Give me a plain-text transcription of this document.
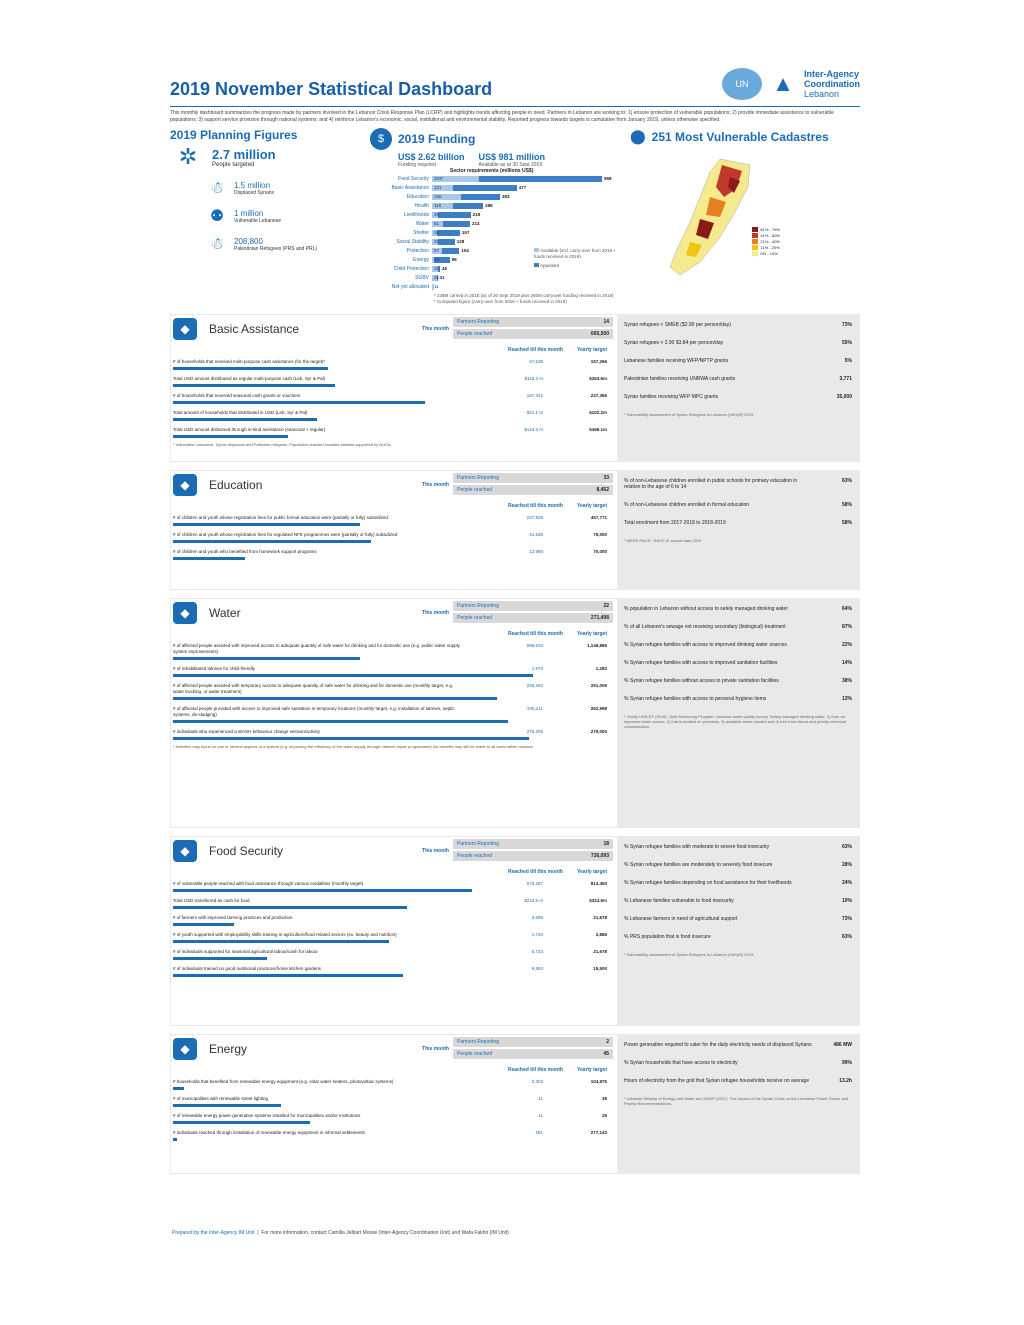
2019 November Statistical Dashboard	UN	▲ Inter-Agency
Coordination
Lebanon
This monthly dashboard summarizes the progress made by partners involved in the Lebanon Crisis Response Plan (LCRP) and highlights trends affecting people in need. Partners in Lebanon are working to: 1) ensure protection of vulnerable populations; 2) provide immediate assistance to vulnerable populations; 3) support service provision through national systems; and 4) reinforce Lebanon's economic, social, institutional and environmental stability. Reported progress towards targets is cumulative from January 2019, unless otherwise specified.
2019 Planning Figures
✲	2.7 million
People targeted
☃	1.5 million
Displaced Syrians
⚉	1 million
Vulnerable Lebanese
☃	208,800
Palestinian Refugees (PRS and PRL)
$	2019 Funding
US$ 2.62 billion
Funding required
US$ 981 million
Available as at 30 Sept 2019
Sector requirements (millions US$)
Food Security	263*	958
Basic Assistance	121	477
Education	166	383
Health	116	288
Livelihoods	35	218
Water	61	214
Shelter	28	157
Social Stability	31	128
Protection	57	154
Energy	13	99
Child Protection	31 45
SGBV	26 31
Not yet allocated	11
Available (incl. carry-over from 2018 + funds received in 2019)
Appealed
* 238M carried in 2018 (as of 30 Sept 2019 plus 260M carryover funding received in 2018)
* Computed figure (carry-over from 2018 + funds received in 2019)
⬤ 251 Most Vulnerable Cadastres
61% - 75%
41% - 60%
21% - 40%
11% - 20%
0% - 10%
◆	Basic Assistance	This month
Partners Reporting	14
People reached	665,500
Reached till this month	Yearly target
# of households that received multi-purpose cash assistance (for the target)*	67,538	157,266
Total USD amount distributed as regular multi-purpose cash (Leb, Syr & Pal)	$118.3 m	$263.6m
# of households that received seasonal cash grants or vouchers	167,342	237,366
Total amount of households that distributed in USD (Leb, Syr & Pal)	$41.1 m	$102.2m
Total USD amount disbursed through in-kind assistance (seasonal + regular)	$143.3 m	$456.1m
* Vulnerable Lebanese, Syrian displaced and Palestine refugees. Population reached includes families supported by NGOs.
Syrian refugees < SMEB ($2.90 per person/day)	73%
Syrian refugees < 2.90 $3.84 per person/day	55%
Lebanese families receiving WFP/NPTP grants	5%
Palestinian families receiving UNRWA cash grants	3,771
Syrian families receiving WFP MPC grants	35,000
* Vulnerability assessment of Syrian Refugees in Lebanon (VASyR) 2019.
◆	Education	This month
Partners Reporting	33
People reached	8,452
Reached till this month	Yearly target
# of children and youth whose registration fees for public formal education were (partially or fully) subsidized	237,925	457,771
# of children and youth whose registration fees for regulated NFE programmes were (partially or fully) subsidized	41,538	75,000
# of children and youth who benefited from homework support programs	13,980	70,000
% of non-Lebanese children enrolled in public schools for primary education in relation to the age of 6 to 14
63%
% of non-Lebanese children enrolled in formal education	58%
Total enrolment from 2017-2018 to 2018-2019	58%
* MEHE RACE / RACE III annual data 2019
◆	Water	This month
Partners Reporting	22
People reached	271,498
Reached till this month	Yearly target
# of affected people assisted with improved access to adequate quantity of safe water for drinking and for domestic use (e.g. public water supply system improvements)
595,633	1,146,886
# of rehabilitated latrines for child-friendly	1,973	1,283
# of affected people assisted with temporary access to adequate quantity of safe water for drinking and for domestic use (monthly target, e.g. water trucking, or water treatment)
226,262	251,005
# of affected people provided with access to improved safe sanitation in temporary locations (monthly target, e.g. installation of latrines, septic systems, de-sludging)
245,211	262,998
# individuals who experienced a WASH behaviour change session/activity	275,205	279,000
* Activities may focus on one or several aspects of a system (e.g. improving the efficiency of the water supply through network repair programmes) but benefits may still be made to all users within network.
% population in Lebanon without access to safely managed drinking water	64%
% of all Lebanon's sewage not receiving secondary (biological) treatment	87%
% Syrian refugee families with access to improved drinking water sources	22%
% Syrian refugee families with access to improved sanitation facilities	14%
% Syrian refugee families without access to private sanitation facilities	38%
% Syrian refugee families with access to personal hygiene items	13%
* Jointly UNICEF (2016), Joint Monitoring Program. Lebanon water quality survey. Safely managed drinking water. 1) from an improved water source, 2) that is located on premises, 3) available when needed and 4) free from faecal and priority chemical contamination.
◆	Food Security	This month
Partners Reporting	18
People reached	726,093
Reached till this month	Yearly target
# of vulnerable people reached with food assistance through various modalities (monthly target)	673,287	813,450
Total USD transferred as cash for food	$212.6 m	$324.9m
# of farmers with improved farming practices and production	3,688	21,678
# of youth supported with employability skills training in agriculture/food-related sectors (ex. beauty and nutrition)	1,734	2,886
# of individuals supported for seasonal agricultural labour/cash for labour	5,723	21,678
# of individuals trained on good nutritional practices/home kitchen gardens	9,863	15,500
% Syrian refugee families with moderate to severe food insecurity	63%
% Syrian refugee families are moderately to severely food insecure	28%
% Syrian refugee families depending on food assistance for their livelihoods	24%
% Lebanese families vulnerable to food insecurity	10%
% Lebanese farmers in need of agricultural support	73%
% PRS population that is food insecure	63%
* Vulnerability assessment of Syrian Refugees in Lebanon (VASyR) 2019.
◆	Energy	This month
Partners Reporting	2
People reached	45
Reached till this month	Yearly target
# households that benefited from renewable energy equipment (e.g. solar water heaters, photovoltaic systems)	2,303	104,875
# of municipalities with renewable street lighting	11	38
# of renewable energy power generation systems installed for municipalities and/or institutions	11	29
# individuals reached through installation of renewable energy equipment in informal settlements	281	277,143
Power generation required to cater for the daily electricity needs of displaced Syrians	486 MW
% Syrian households that have access to electricity	99%
Hours of electricity from the grid that Syrian refugee households receive on average	13.2h
* Lebanon Ministry of Energy and Water and UNDP (2017). The Impact of the Syrian Crisis on the Lebanese Power Sector and Priority Recommendations.
Prepared by the Inter-Agency IM Unit  |  For more information, contact Camilla Jelbart Mosse (Inter-Agency Coordination Unit) and Wafa Fakhri (IM Unit)
